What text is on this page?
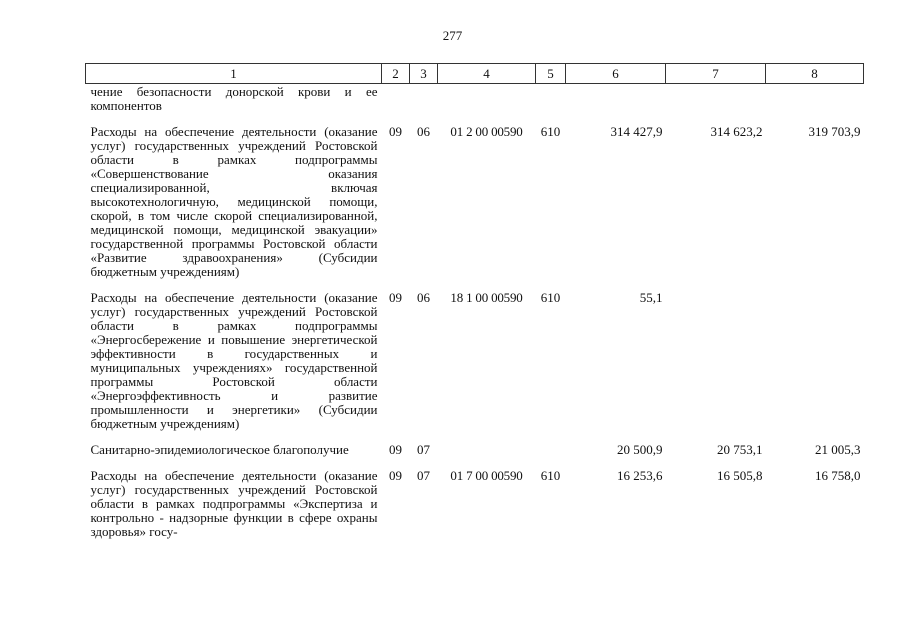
277
1	2	3	4	5	6	7	8
чение безопасности донорской крови и ее компонентов							
Расходы на обеспечение деятельности (оказание услуг) государственных учреждений Ростовской области в рамках подпрограммы «Совершенствование оказания специализированной, включая высокотехнологичную, медицинской помощи, скорой, в том числе скорой специализированной, медицинской помощи, медицинской эвакуации» государственной программы Ростовской области «Развитие здравоохранения» (Субсидии бюджетным учреждениям)	09	06	01 2 00 00590	610	314 427,9	314 623,2	319 703,9
Расходы на обеспечение деятельности (оказание услуг) государственных учреждений Ростовской области в рамках подпрограммы «Энергосбережение и повышение энергетической эффективности в государственных и муниципальных учреждениях» государственной программы Ростовской области «Энергоэффективность и развитие промышленности и энергетики» (Субсидии бюджетным учреждениям)	09	06	18 1 00 00590	610	55,1		
Санитарно-эпидемиологическое благополучие	09	07			20 500,9	20 753,1	21 005,3
Расходы на обеспечение деятельности (оказание услуг) государственных учреждений Ростовской области в рамках подпрограммы «Экспертиза и контрольно - надзорные функции в сфере охраны здоровья» госу-	09	07	01 7 00 00590	610	16 253,6	16 505,8	16 758,0
